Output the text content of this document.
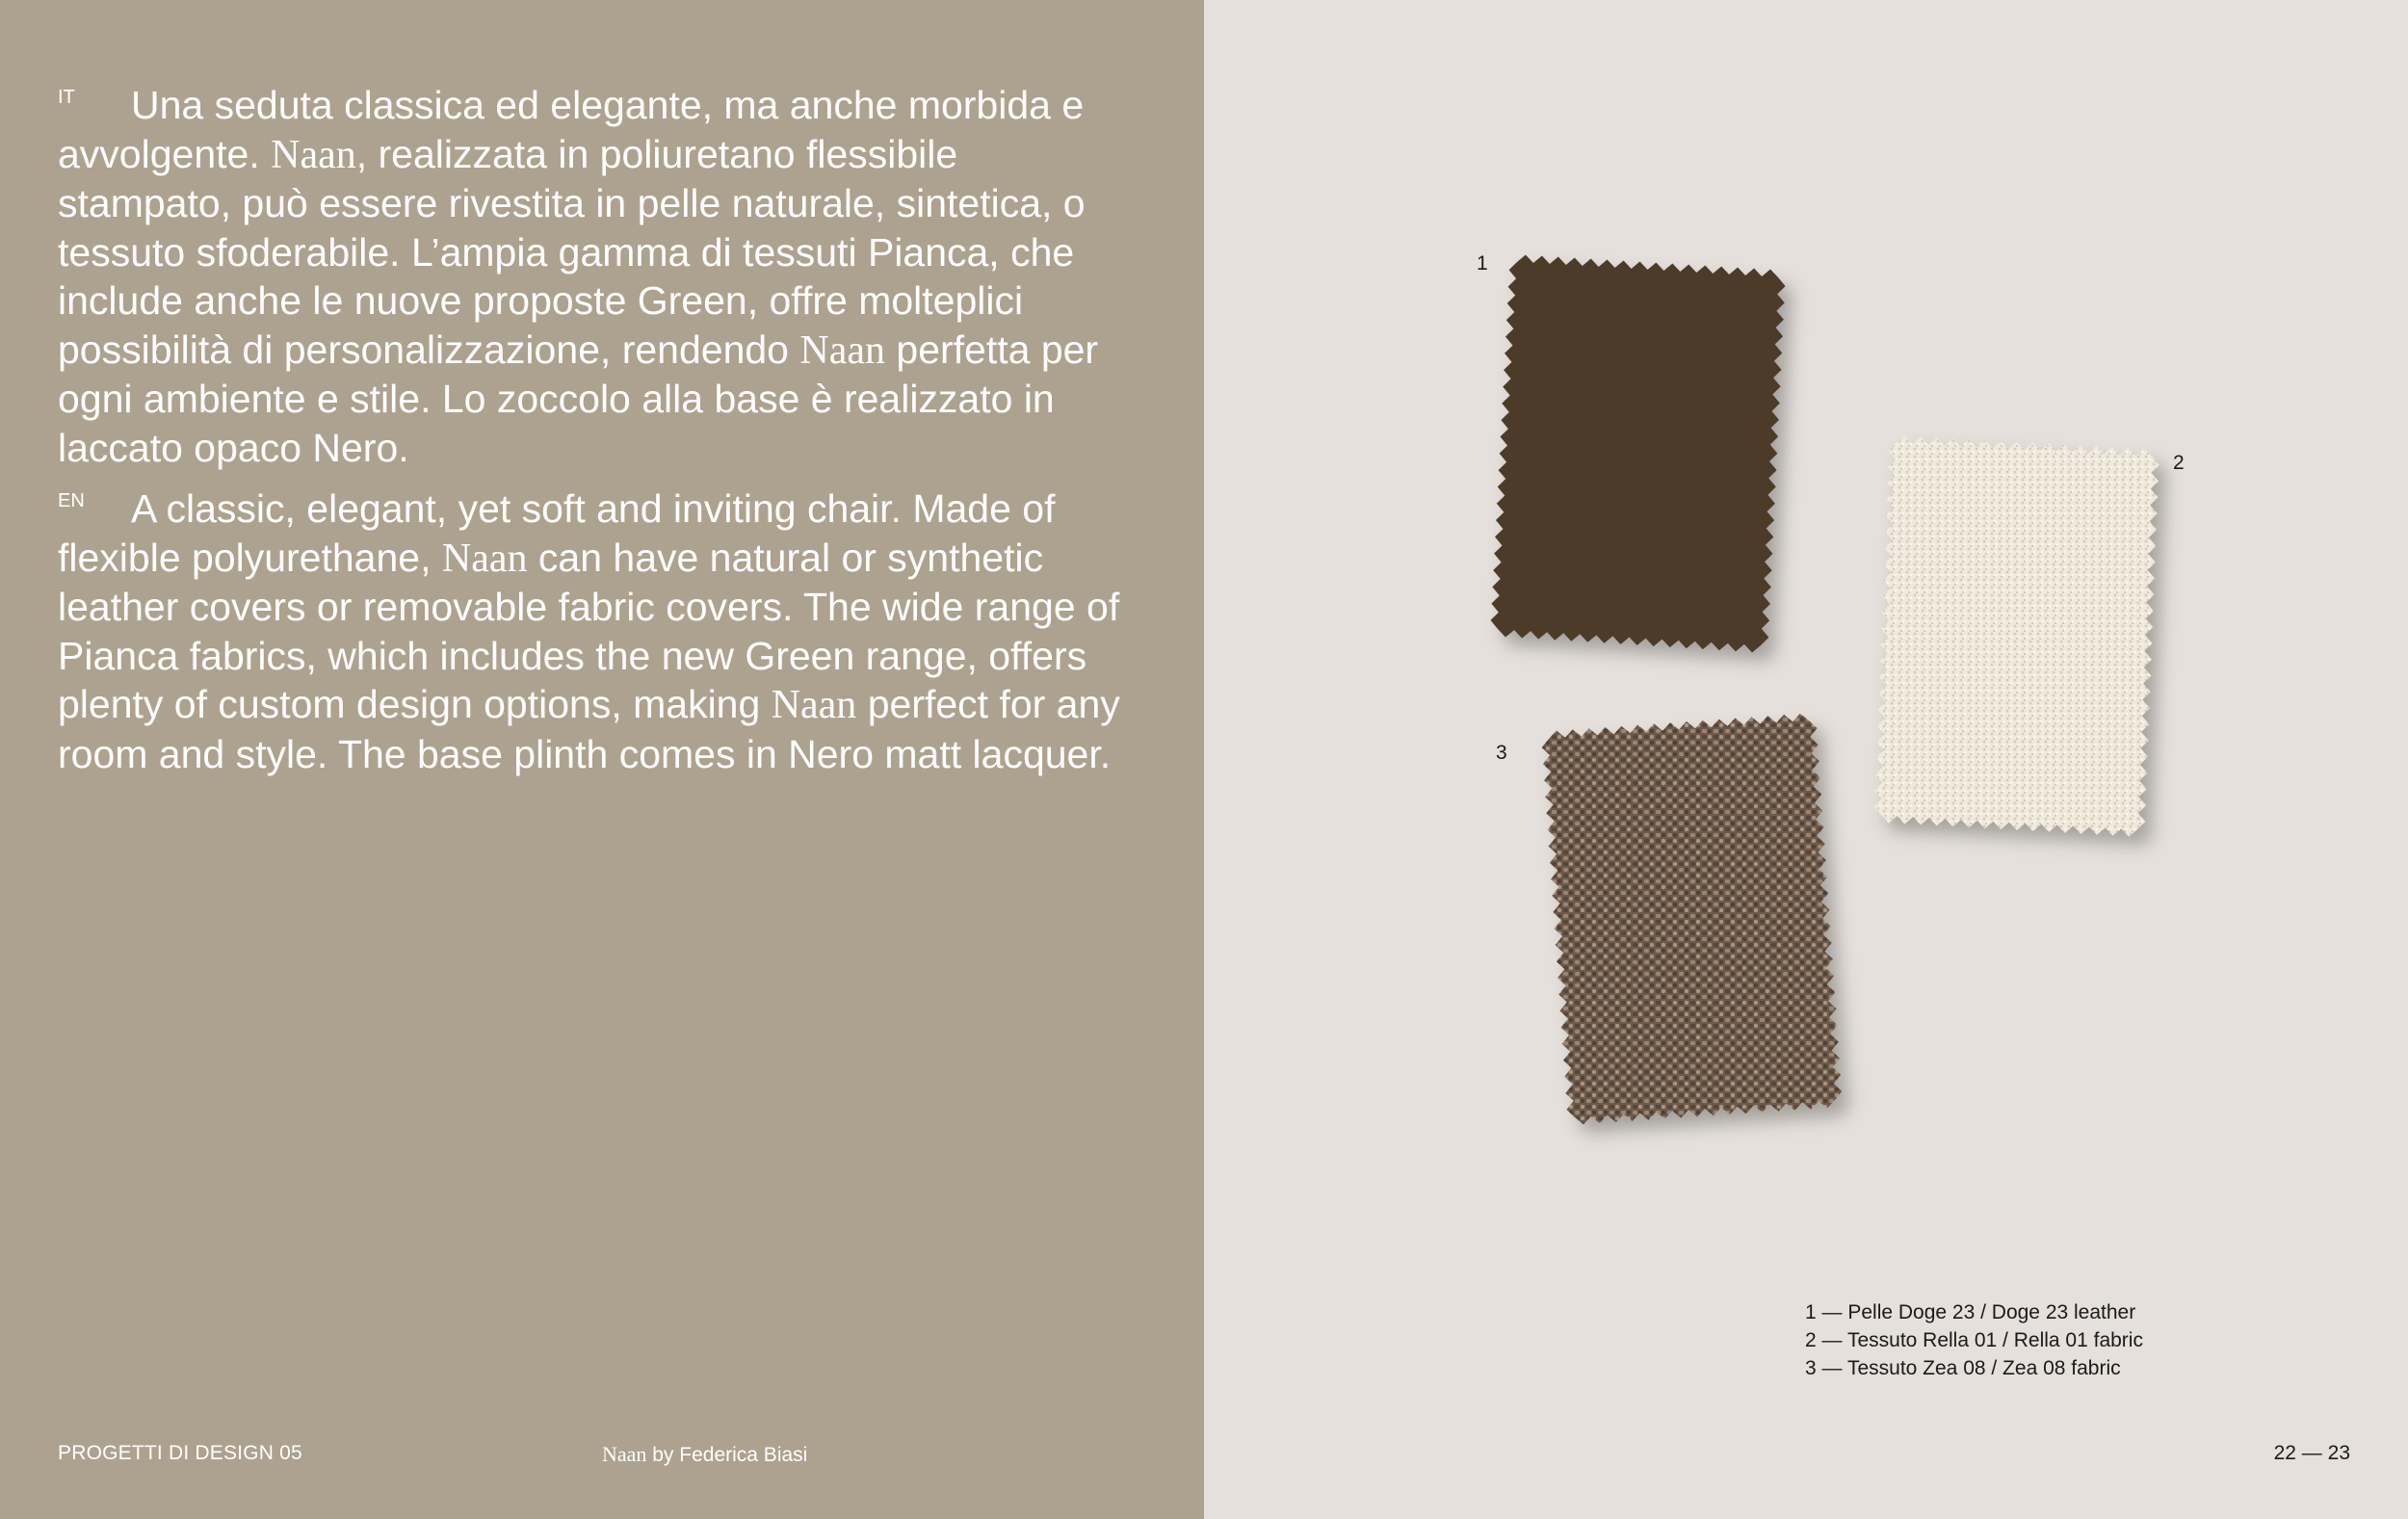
IT Una seduta classica ed elegante, ma anche morbida e avvolgente. Naan, realizzata in poliuretano flessibile stampato, può essere rivestita in pelle naturale, sintetica, o tessuto sfoderabile. L’ampia gamma di tessuti Pianca, che include anche le nuove proposte Green, offre molteplici possibilità di personalizzazione, rendendo Naan perfetta per ogni ambiente e stile. Lo zoccolo alla base è realizzato in laccato opaco Nero.

EN A classic, elegant, yet soft and inviting chair. Made of flexible polyurethane, Naan can have natural or synthetic leather covers or removable fabric covers. The wide range of Pianca fabrics, which includes the new Green range, offers plenty of custom design options, making Naan perfect for any room and style. The base plinth comes in Nero matt lacquer.

PROGETTI DI DESIGN 05	Naan by Federica Biasi
1
2
3
1 — Pelle Doge 23 / Doge 23 leather
2 — Tessuto Rella 01 / Rella 01 fabric
3 — Tessuto Zea 08 / Zea 08 fabric
22 — 23
